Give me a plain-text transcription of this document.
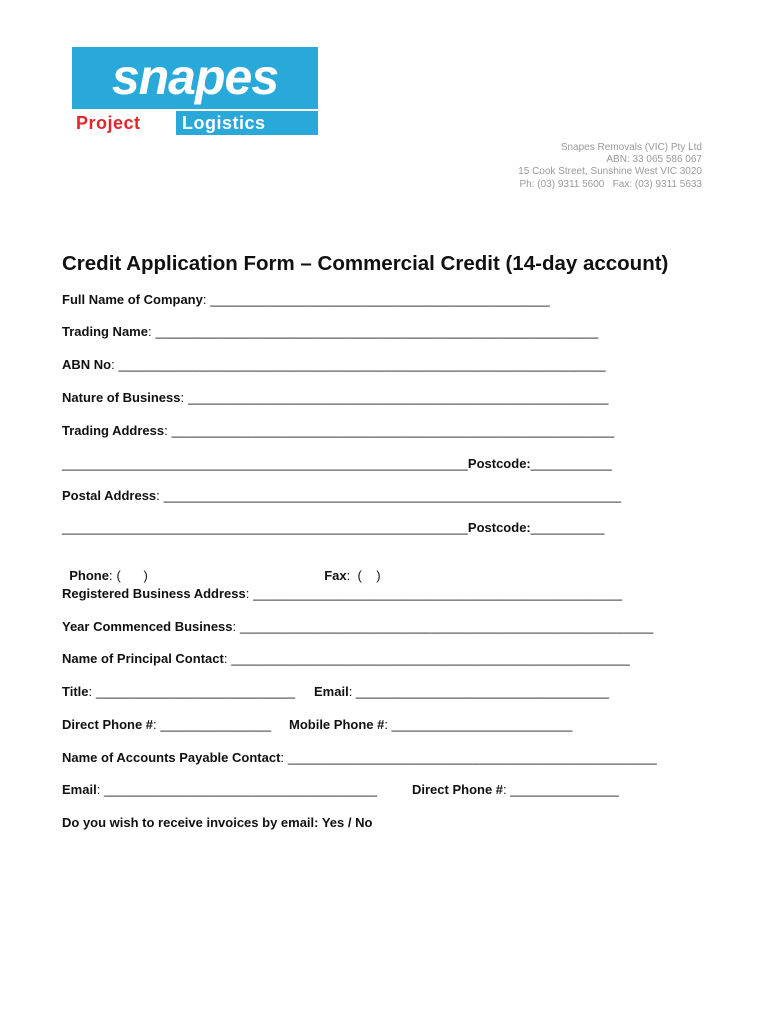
snapes
Project Logistics
Snapes Removals (VIC) Pty Ltd
ABN: 33 065 586 067
15 Cook Street, Sunshine West VIC 3020
Ph: (03) 9311 5600   Fax: (03) 9311 5633
Credit Application Form – Commercial Credit (14-day account)
Full Name of Company: ______________________________________________
Trading Name: ____________________________________________________________
ABN No: __________________________________________________________________
Nature of Business: _________________________________________________________
Trading Address: ____________________________________________________________
_______________________________________________________Postcode:___________
Postal Address: ______________________________________________________________
_______________________________________________________Postcode:__________

Phone: (      )	Fax:  (    )

Registered Business Address: __________________________________________________
Year Commenced Business: ________________________________________________________
Name of Principal Contact: ______________________________________________________
Title: ___________________________ Email: ___________________________________
Direct Phone #: _______________ Mobile Phone #: _________________________
Name of Accounts Payable Contact: __________________________________________________
Email: _____________________________________	Direct Phone #: _______________
Do you wish to receive invoices by email: Yes / No
